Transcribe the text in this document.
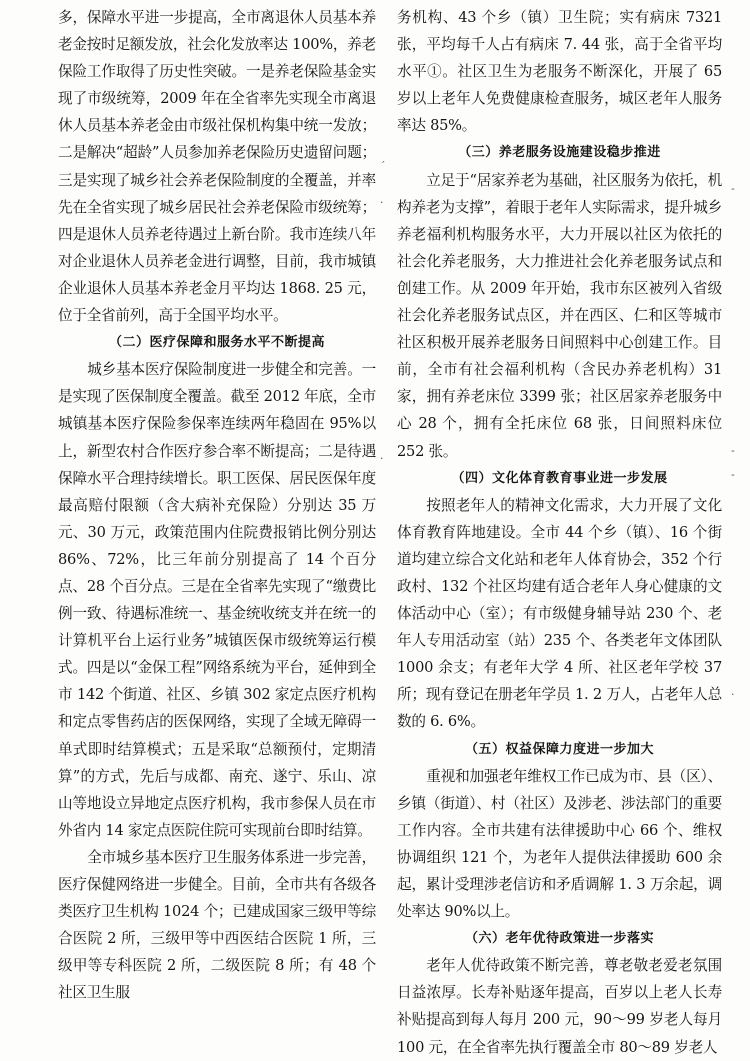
多，保障水平进一步提高，全市离退休人员基本养老金按时足额发放，社会化发放率达 100%，养老保险工作取得了历史性突破。一是养老保险基金实现了市级统筹，2009 年在全省率先实现全市离退休人员基本养老金由市级社保机构集中统一发放；二是解决“超龄”人员参加养老保险历史遗留问题；三是实现了城乡社会养老保险制度的全覆盖，并率先在全省实现了城乡居民社会养老保险市级统筹；四是退休人员养老待遇过上新台阶。我市连续八年对企业退休人员养老金进行调整，目前，我市城镇企业退休人员基本养老金月平均达 1868. 25 元，位于全省前列，高于全国平均水平。

（二）医疗保障和服务水平不断提高

城乡基本医疗保险制度进一步健全和完善。一是实现了医保制度全覆盖。截至 2012 年底，全市城镇基本医疗保险参保率连续两年稳固在 95%以上，新型农村合作医疗参合率不断提高；二是待遇保障水平合理持续增长。职工医保、居民医保年度最高赔付限额（含大病补充保险）分别达 35 万元、30 万元，政策范围内住院费报销比例分别达 86%、72%，比三年前分别提高了 14 个百分点、28 个百分点。三是在全省率先实现了“缴费比例一致、待遇标准统一、基金统收统支并在统一的计算机平台上运行业务”城镇医保市级统筹运行模式。四是以“金保工程”网络系统为平台，延伸到全市 142 个街道、社区、乡镇 302 家定点医疗机构和定点零售药店的医保网络，实现了全域无障碍一单式即时结算模式；五是采取“总额预付，定期清算”的方式，先后与成都、南充、遂宁、乐山、凉山等地设立异地定点医疗机构，我市参保人员在市外省内 14 家定点医院住院可实现前台即时结算。

全市城乡基本医疗卫生服务体系进一步完善，医疗保健网络进一步健全。目前，全市共有各级各类医疗卫生机构 1024 个；已建成国家三级甲等综合医院 2 所，三级甲等中西医结合医院 1 所，三级甲等专科医院 2 所，二级医院 8 所；有 48 个社区卫生服

务机构、43 个乡（镇）卫生院；实有病床 7321 张，平均每千人占有病床 7. 44 张，高于全省平均水平①。社区卫生为老服务不断深化，开展了 65 岁以上老年人免费健康检查服务，城区老年人服务率达 85%。

（三）养老服务设施建设稳步推进

立足于“居家养老为基础，社区服务为依托，机构养老为支撑”，着眼于老年人实际需求，提升城乡养老福利机构服务水平，大力开展以社区为依托的社会化养老服务，大力推进社会化养老服务试点和创建工作。从 2009 年开始，我市东区被列入省级社会化养老服务试点区，并在西区、仁和区等城市社区积极开展养老服务日间照料中心创建工作。目前，全市有社会福利机构（含民办养老机构）31 家，拥有养老床位 3399 张；社区居家养老服务中心 28 个，拥有全托床位 68 张，日间照料床位 252 张。

（四）文化体育教育事业进一步发展

按照老年人的精神文化需求，大力开展了文化体育教育阵地建设。全市 44 个乡（镇）、16 个街道均建立综合文化站和老年人体育协会，352 个行政村、132 个社区均建有适合老年人身心健康的文体活动中心（室）；有市级健身辅导站 230 个、老年人专用活动室（站）235 个、各类老年文体团队 1000 余支；有老年大学 4 所、社区老年学校 37 所；现有登记在册老年学员 1. 2 万人，占老年人总数的 6. 6%。

（五）权益保障力度进一步加大

重视和加强老年维权工作已成为市、县（区）、乡镇（街道）、村（社区）及涉老、涉法部门的重要工作内容。全市共建有法律援助中心 66 个、维权协调组织 121 个，为老年人提供法律援助 600 余起，累计受理涉老信访和矛盾调解 1. 3 万余起，调处率达 90%以上。

（六）老年优待政策进一步落实

老年人优待政策不断完善，尊老敬老爱老氛围日益浓厚。长寿补贴逐年提高，百岁以上老人长寿补贴提高到每人每月 200 元，90～99 岁老人每月 100 元，在全省率先执行覆盖全市 80～89 岁老人

´
·
·
-
-
-
·
